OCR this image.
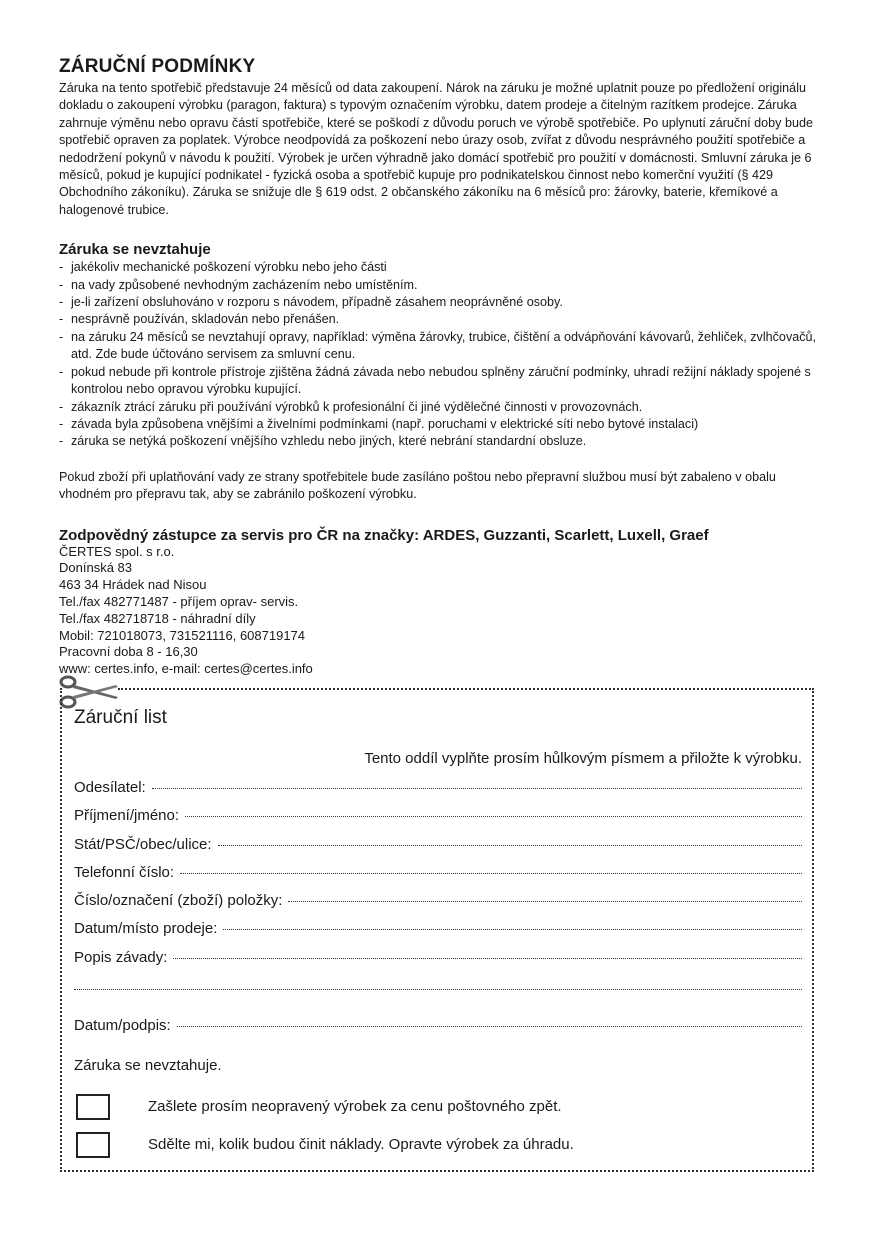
ZÁRUČNÍ PODMÍNKY

Záruka na tento spotřebič představuje 24 měsíců od data zakoupení. Nárok na záruku je možné uplatnit pouze po předložení originálu dokladu o zakoupení výrobku (paragon, faktura) s typovým označením výrobku, datem prodeje a čitelným razítkem prodejce. Záruka zahrnuje výměnu nebo opravu částí spotřebiče, které se poškodí z důvodu poruch ve výrobě spotřebiče. Po uplynutí záruční doby bude spotřebič opraven za poplatek. Výrobce neodpovídá za poškození nebo úrazy osob, zvířat z důvodu nesprávného použití spotřebiče a nedodržení pokynů v návodu k použití. Výrobek je určen výhradně jako domácí spotřebič pro použití v domácnosti. Smluvní záruka je 6 měsíců, pokud je kupující podnikatel - fyzická osoba a spotřebič kupuje pro podnikatelskou činnost nebo komerční využití (§ 429 Obchodního zákoníku). Záruka se snižuje dle § 619 odst. 2 občanského zákoníku na 6 měsíců pro: žárovky, baterie, křemíkové a halogenové trubice.

Záruka se nevztahuje
- jakékoliv mechanické poškození výrobku nebo jeho části
- na vady způsobené nevhodným zacházením nebo umístěním.
- je-li zařízení obsluhováno v rozporu s návodem, případně zásahem neoprávněné osoby.
- nesprávně používán, skladován nebo přenášen.
- na záruku 24 měsíců se nevztahují opravy, například: výměna žárovky, trubice, čištění a odvápňování kávovarů, žehliček, zvlhčovačů, atd. Zde bude účtováno servisem za smluvní cenu.
- pokud nebude při kontrole přístroje zjištěna žádná závada nebo nebudou splněny záruční podmínky, uhradí režijní náklady spojené s kontrolou nebo opravou výrobku kupující.
- zákazník ztrácí záruku při používání výrobků k profesionální či jiné výdělečné činnosti v provozovnách.
- závada byla způsobena vnějšími a živelními podmínkami (např. poruchami v elektrické síti nebo bytové instalaci)
- záruka se netýká poškození vnějšího vzhledu nebo jiných, které nebrání standardní obsluze.

Pokud zboží při uplatňování vady ze strany spotřebitele bude zasíláno poštou nebo přepravní službou musí být zabaleno v obalu vhodném pro přepravu tak, aby se zabránilo poškození výrobku.

Zodpovědný zástupce za servis pro ČR na značky: ARDES, Guzzanti, Scarlett, Luxell, Graef
ČERTES spol. s r.o.
Donínská 83
463 34 Hrádek nad Nisou
Tel./fax 482771487 - příjem oprav- servis.
Tel./fax 482718718 - náhradní díly
Mobil: 721018073, 731521116, 608719174
Pracovní doba 8 - 16,30
www: certes.info, e-mail: certes@certes.info
Záruční list
Tento oddíl vyplňte prosím hůlkovým písmem a přiložte k výrobku.
Odesílatel:
Příjmení/jméno:
Stát/PSČ/obec/ulice:
Telefonní číslo:
Číslo/označení (zboží) položky:
Datum/místo prodeje:
Popis závady:
Datum/podpis:
Záruka se nevztahuje.
Zašlete prosím neopravený výrobek za cenu poštovného zpět.
Sdělte mi, kolik budou činit náklady. Opravte výrobek za úhradu.
